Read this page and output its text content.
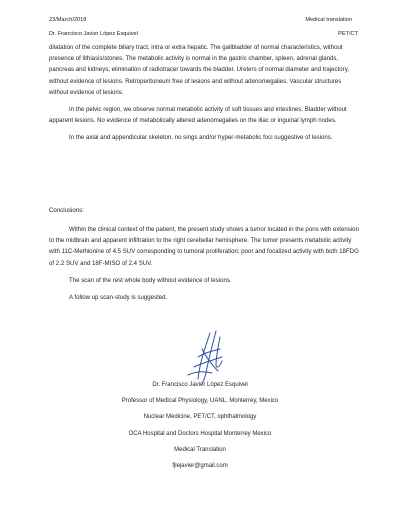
23/March/2018	Medical translation
Dr. Francisco Javier López Esquivel	PET/CT

dilatation of the complete biliary tract, intra or extra hepatic. The gallbladder of normal characteristics, without presence of lithiasis/stones. The metabolic activity is normal in the gastric chamber, spleen, adrenal glands, pancreas and kidneys; elimination of radiotracer towards the bladder. Ureters of normal diameter and trajectory, without evidence of lesions. Retroperitoneum free of lesions and without adenomegalies. Vascular structures without evidence of lesions.

In the pelvic region, we observe normal metabolic activity of soft tissues and intestines. Bladder without apparent lesions. No evidence of metabolically altered adenomegalies on the iliac or inguinal lymph nodes.

In the axial and appendicular skeleton, no sings and/or hyper-metabolic foci suggestive of lesions.

Conclusions:

Within the clinical context of the patient, the present study shows a tumor located in the pons with extension to the midbrain and apparent infiltration to the right cerebellar hemisphere. The tumor presents metabolic activity with 11C-Methionine of 4.5 SUV corresponding to tumoral proliferation; poor and focalized activity with both 18FDG of 2.2 SUV and 18F-MISO of 2.4 SUV.

The scan of the rest whole body without evidence of lesions.

A follow up scan-study is suggested.

Dr. Francisco Javier López Esquivel
Professor of Medical Physiology, UANL. Monterrey, Mexico
Nuclear Medicine, PET/CT, ophthalmology
OCA Hospital and Doctors Hospital Monterrey Mexico
Medical Translation
fjlejavier@gmail.com
